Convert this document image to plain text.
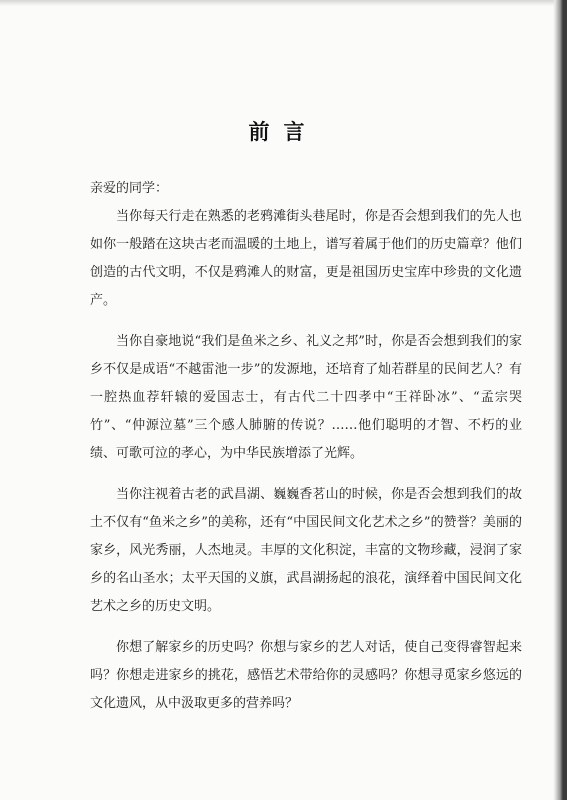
前言
亲爱的同学：

当你每天行走在熟悉的老鸦滩街头巷尾时，你是否会想到我们的先人也如你一般踏在这块古老而温暖的土地上，谱写着属于他们的历史篇章？他们创造的古代文明，不仅是鸦滩人的财富，更是祖国历史宝库中珍贵的文化遗产。

当你自豪地说“我们是鱼米之乡、礼义之邦”时，你是否会想到我们的家乡不仅是成语“不越雷池一步”的发源地，还培育了灿若群星的民间艺人？有一腔热血荐轩辕的爱国志士，有古代二十四孝中“王祥卧冰”、“孟宗哭竹”、“仲源泣墓”三个感人肺腑的传说？……他们聪明的才智、不朽的业绩、可歌可泣的孝心，为中华民族增添了光辉。

当你注视着古老的武昌湖、巍巍香茗山的时候，你是否会想到我们的故土不仅有“鱼米之乡”的美称，还有“中国民间文化艺术之乡”的赞誉？美丽的家乡，风光秀丽，人杰地灵。丰厚的文化积淀，丰富的文物珍藏，浸润了家乡的名山圣水；太平天国的义旗，武昌湖扬起的浪花，演绎着中国民间文化艺术之乡的历史文明。

你想了解家乡的历史吗？你想与家乡的艺人对话，使自己变得睿智起来吗？你想走进家乡的挑花，感悟艺术带给你的灵感吗？你想寻觅家乡悠远的文化遗风，从中汲取更多的营养吗？
